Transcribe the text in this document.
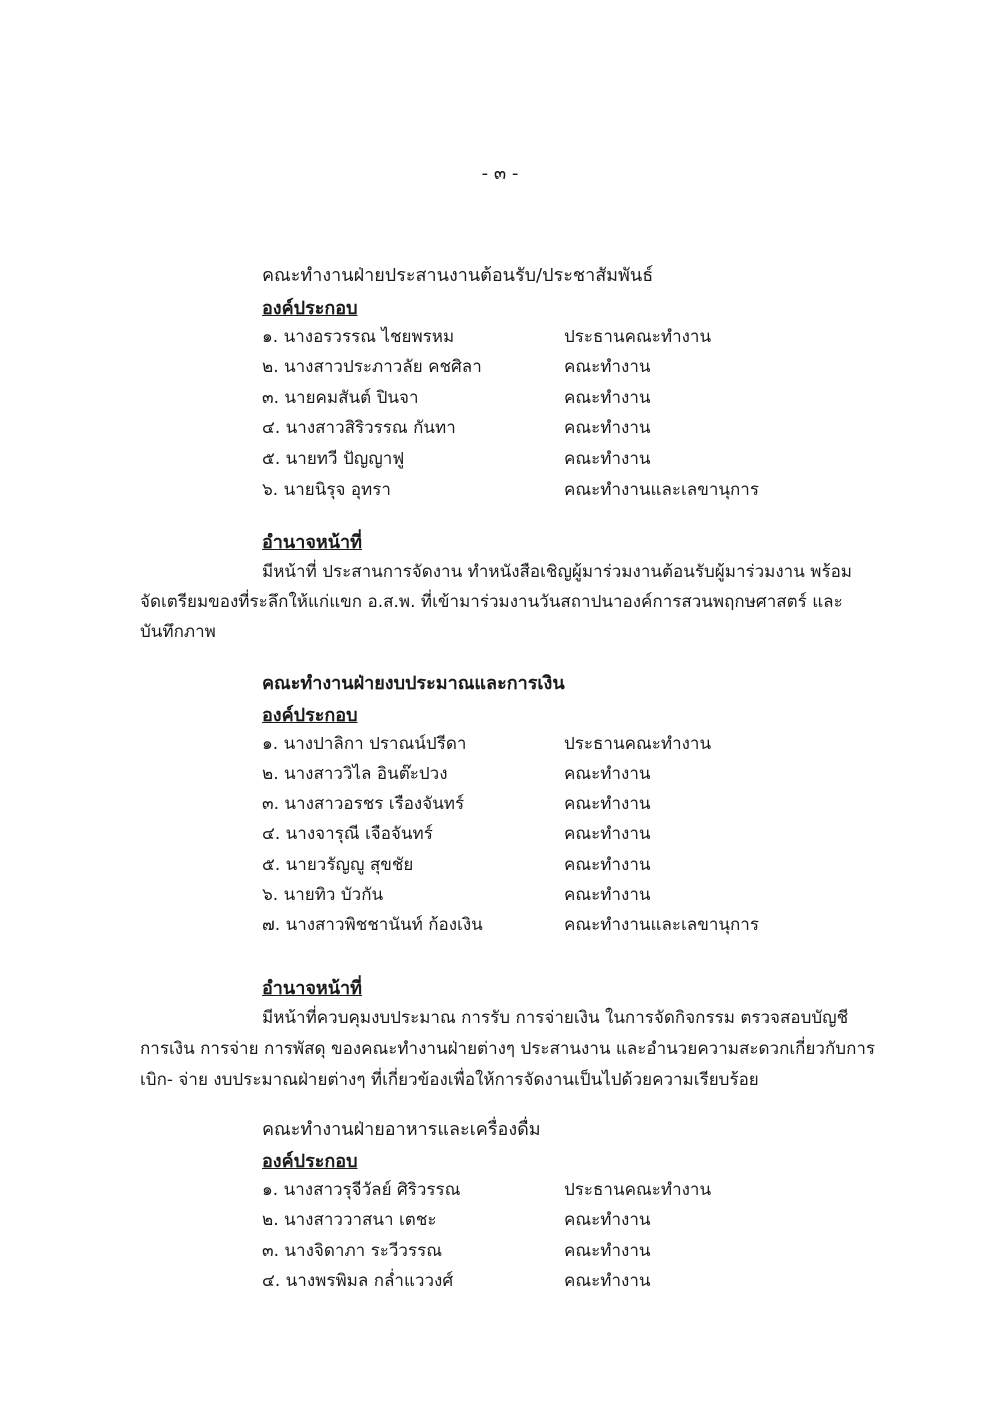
- ๓ -
คณะทำงานฝ่ายประสานงานต้อนรับ/ประชาสัมพันธ์
องค์ประกอบ
๑. นางอรวรรณ ไชยพรหม	ประธานคณะทำงาน
๒. นางสาวประภาวลัย คชศิลา	คณะทำงาน
๓. นายคมสันต์ ปินจา	คณะทำงาน
๔. นางสาวสิริวรรณ กันทา	คณะทำงาน
๕. นายทวี ปัญญาฟู	คณะทำงาน
๖. นายนิรุจ อุทรา	คณะทำงานและเลขานุการ
อำนาจหน้าที่
มีหน้าที่ ประสานการจัดงาน ทำหนังสือเชิญผู้มาร่วมงานต้อนรับผู้มาร่วมงาน พร้อม
จัดเตรียมของที่ระลึกให้แก่แขก อ.ส.พ. ที่เข้ามาร่วมงานวันสถาปนาองค์การสวนพฤกษศาสตร์ และ
บันทึกภาพ
คณะทำงานฝ่ายงบประมาณและการเงิน
องค์ประกอบ
๑. นางปาลิกา ปราณน์ปรีดา	ประธานคณะทำงาน
๒. นางสาววิไล อินต๊ะปวง	คณะทำงาน
๓. นางสาวอรชร เรืองจันทร์	คณะทำงาน
๔. นางจารุณี เจือจันทร์	คณะทำงาน
๕. นายวรัญญู สุขชัย	คณะทำงาน
๖. นายทิว บัวกัน	คณะทำงาน
๗. นางสาวพิชชานันท์ ก้องเงิน	คณะทำงานและเลขานุการ
อำนาจหน้าที่
มีหน้าที่ควบคุมงบประมาณ การรับ การจ่ายเงิน ในการจัดกิจกรรม ตรวจสอบบัญชี
การเงิน การจ่าย การพัสดุ ของคณะทำงานฝ่ายต่างๆ ประสานงาน และอำนวยความสะดวกเกี่ยวกับการ
เบิก- จ่าย งบประมาณฝ่ายต่างๆ ที่เกี่ยวข้องเพื่อให้การจัดงานเป็นไปด้วยความเรียบร้อย
คณะทำงานฝ่ายอาหารและเครื่องดื่ม
องค์ประกอบ
๑. นางสาวรุจีวัลย์ ศิริวรรณ	ประธานคณะทำงาน
๒. นางสาววาสนา เตชะ	คณะทำงาน
๓. นางจิดาภา ระวีวรรณ	คณะทำงาน
๔. นางพรพิมล กล่ำแววงศ์	คณะทำงาน
